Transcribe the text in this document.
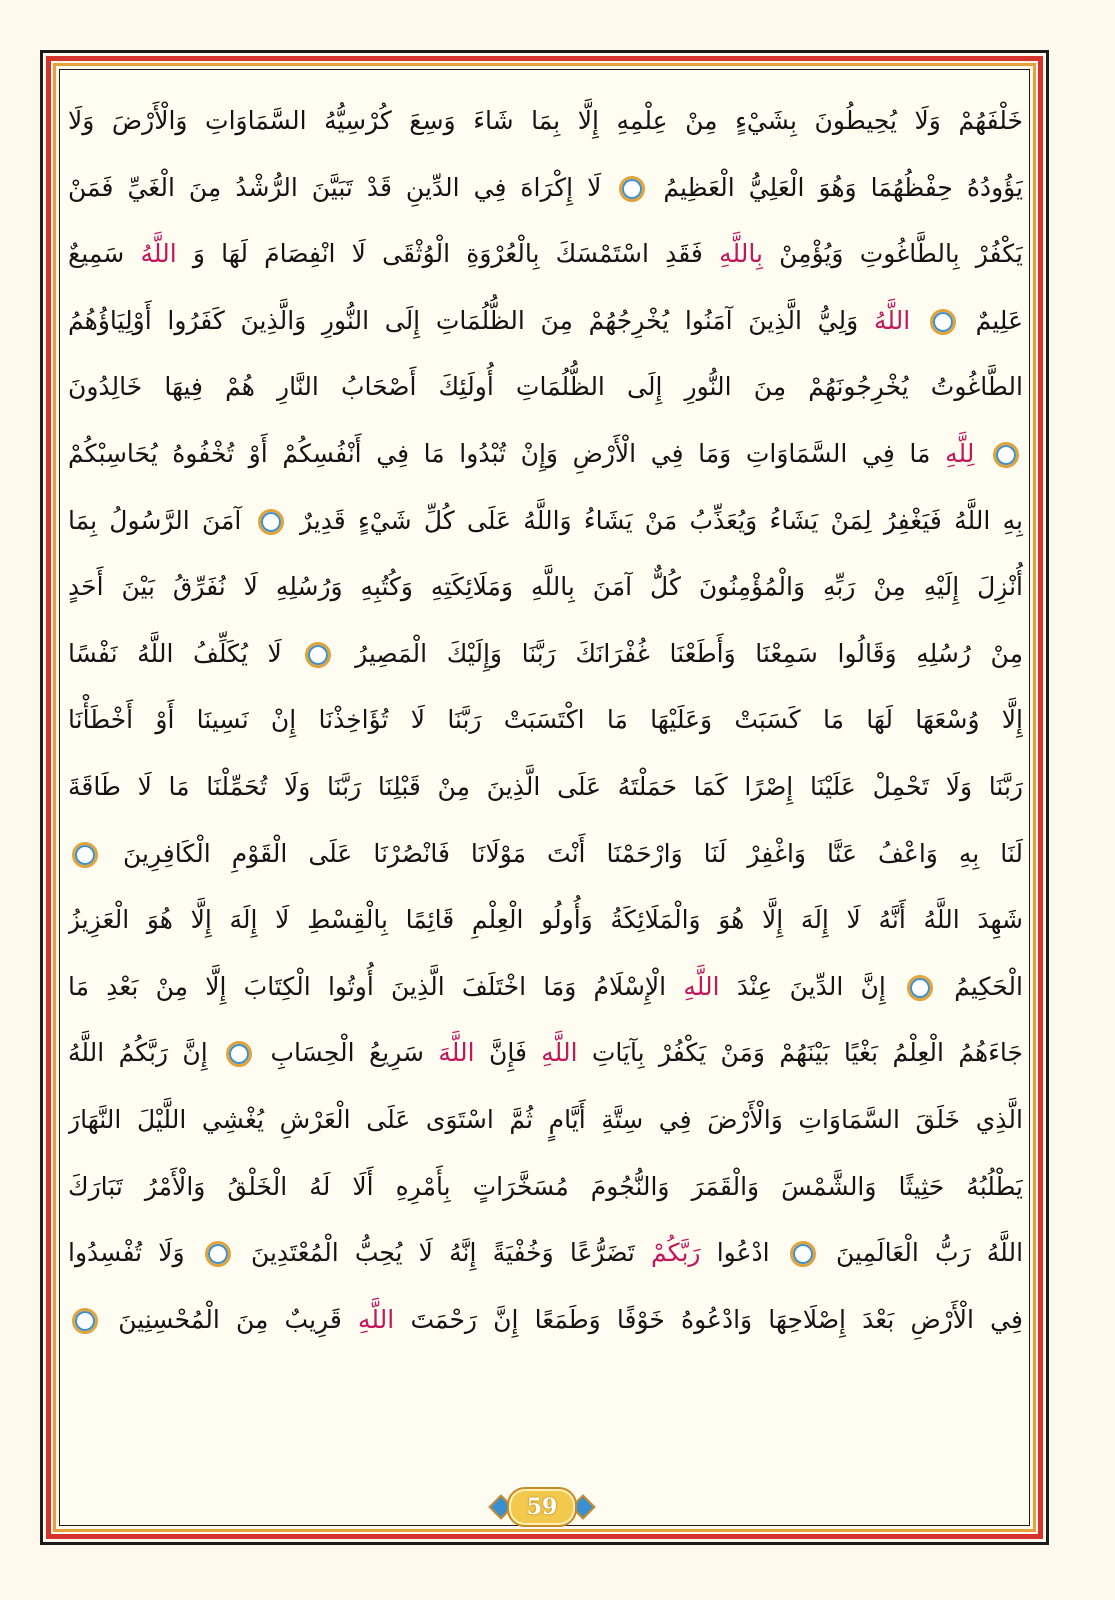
خَلْفَهُمْ وَلَا يُحِيطُونَ بِشَيْءٍ مِنْ عِلْمِهِ إِلَّا بِمَا شَاءَ وَسِعَ كُرْسِيُّهُ السَّمَاوَاتِ وَالْأَرْضَ وَلَا
يَؤُودُهُ حِفْظُهُمَا وَهُوَ الْعَلِيُّ الْعَظِيمُ  لَا إِكْرَاهَ فِي الدِّينِ قَدْ تَبَيَّنَ الرُّشْدُ مِنَ الْغَيِّ فَمَنْ
يَكْفُرْ بِالطَّاغُوتِ وَيُؤْمِنْ بِاللَّهِ فَقَدِ اسْتَمْسَكَ بِالْعُرْوَةِ الْوُثْقَى لَا انْفِصَامَ لَهَا وَ اللَّهُ سَمِيعٌ
عَلِيمٌ  اللَّهُ وَلِيُّ الَّذِينَ آمَنُوا يُخْرِجُهُمْ مِنَ الظُّلُمَاتِ إِلَى النُّورِ وَالَّذِينَ كَفَرُوا أَوْلِيَاؤُهُمُ
الطَّاغُوتُ يُخْرِجُونَهُمْ مِنَ النُّورِ إِلَى الظُّلُمَاتِ أُولَئِكَ أَصْحَابُ النَّارِ هُمْ فِيهَا خَالِدُونَ
لِلَّهِ مَا فِي السَّمَاوَاتِ وَمَا فِي الْأَرْضِ وَإِنْ تُبْدُوا مَا فِي أَنْفُسِكُمْ أَوْ تُخْفُوهُ يُحَاسِبْكُمْ
بِهِ اللَّهُ فَيَغْفِرُ لِمَنْ يَشَاءُ وَيُعَذِّبُ مَنْ يَشَاءُ وَاللَّهُ عَلَى كُلِّ شَيْءٍ قَدِيرٌ  آمَنَ الرَّسُولُ بِمَا
أُنْزِلَ إِلَيْهِ مِنْ رَبِّهِ وَالْمُؤْمِنُونَ كُلٌّ آمَنَ بِاللَّهِ وَمَلَائِكَتِهِ وَكُتُبِهِ وَرُسُلِهِ لَا نُفَرِّقُ بَيْنَ أَحَدٍ
مِنْ رُسُلِهِ وَقَالُوا سَمِعْنَا وَأَطَعْنَا غُفْرَانَكَ رَبَّنَا وَإِلَيْكَ الْمَصِيرُ  لَا يُكَلِّفُ اللَّهُ نَفْسًا
إِلَّا وُسْعَهَا لَهَا مَا كَسَبَتْ وَعَلَيْهَا مَا اكْتَسَبَتْ رَبَّنَا لَا تُؤَاخِذْنَا إِنْ نَسِينَا أَوْ أَخْطَأْنَا
رَبَّنَا وَلَا تَحْمِلْ عَلَيْنَا إِصْرًا كَمَا حَمَلْتَهُ عَلَى الَّذِينَ مِنْ قَبْلِنَا رَبَّنَا وَلَا تُحَمِّلْنَا مَا لَا طَاقَةَ
لَنَا بِهِ وَاعْفُ عَنَّا وَاغْفِرْ لَنَا وَارْحَمْنَا أَنْتَ مَوْلَانَا فَانْصُرْنَا عَلَى الْقَوْمِ الْكَافِرِينَ
شَهِدَ اللَّهُ أَنَّهُ لَا إِلَهَ إِلَّا هُوَ وَالْمَلَائِكَةُ وَأُولُو الْعِلْمِ قَائِمًا بِالْقِسْطِ لَا إِلَهَ إِلَّا هُوَ الْعَزِيزُ
الْحَكِيمُ  إِنَّ الدِّينَ عِنْدَ اللَّهِ الْإِسْلَامُ وَمَا اخْتَلَفَ الَّذِينَ أُوتُوا الْكِتَابَ إِلَّا مِنْ بَعْدِ مَا
جَاءَهُمُ الْعِلْمُ بَغْيًا بَيْنَهُمْ وَمَنْ يَكْفُرْ بِآيَاتِ اللَّهِ فَإِنَّ اللَّهَ سَرِيعُ الْحِسَابِ  إِنَّ رَبَّكُمُ اللَّهُ
الَّذِي خَلَقَ السَّمَاوَاتِ وَالْأَرْضَ فِي سِتَّةِ أَيَّامٍ ثُمَّ اسْتَوَى عَلَى الْعَرْشِ يُغْشِي اللَّيْلَ النَّهَارَ
يَطْلُبُهُ حَثِيثًا وَالشَّمْسَ وَالْقَمَرَ وَالنُّجُومَ مُسَخَّرَاتٍ بِأَمْرِهِ أَلَا لَهُ الْخَلْقُ وَالْأَمْرُ تَبَارَكَ
اللَّهُ رَبُّ الْعَالَمِينَ  ادْعُوا رَبَّكُمْ تَضَرُّعًا وَخُفْيَةً إِنَّهُ لَا يُحِبُّ الْمُعْتَدِينَ  وَلَا تُفْسِدُوا
فِي الْأَرْضِ بَعْدَ إِصْلَاحِهَا وَادْعُوهُ خَوْفًا وَطَمَعًا إِنَّ رَحْمَتَ اللَّهِ قَرِيبٌ مِنَ الْمُحْسِنِينَ
59
